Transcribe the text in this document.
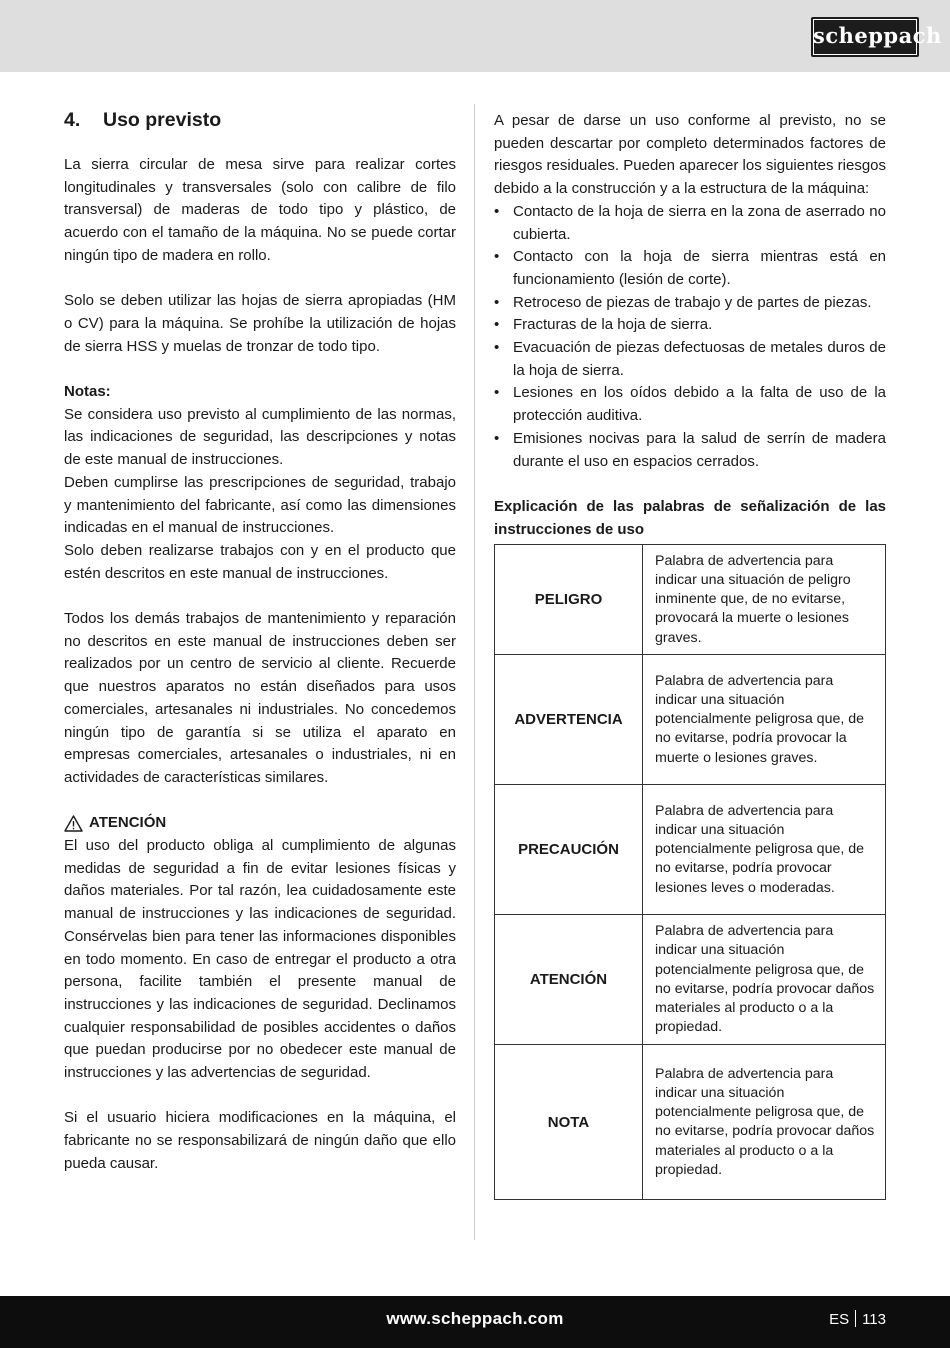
scheppach
4. Uso previsto

La sierra circular de mesa sirve para realizar cortes longitudinales y transversales (solo con calibre de filo transversal) de maderas de todo tipo y plástico, de acuerdo con el tamaño de la máquina. No se puede cortar ningún tipo de madera en rollo.

Solo se deben utilizar las hojas de sierra apropiadas (HM o CV) para la máquina. Se prohíbe la utilización de hojas de sierra HSS y muelas de tronzar de todo tipo.

Notas:

Se considera uso previsto al cumplimiento de las normas, las indicaciones de seguridad, las descripciones y notas de este manual de instrucciones.

Deben cumplirse las prescripciones de seguridad, trabajo y mantenimiento del fabricante, así como las dimensiones indicadas en el manual de instrucciones.

Solo deben realizarse trabajos con y en el producto que estén descritos en este manual de instrucciones.

Todos los demás trabajos de mantenimiento y reparación no descritos en este manual de instrucciones deben ser realizados por un centro de servicio al cliente. Recuerde que nuestros aparatos no están diseñados para usos comerciales, artesanales ni industriales. No concedemos ningún tipo de garantía si se utiliza el aparato en empresas comerciales, artesanales o industriales, ni en actividades de características similares.

ATENCIÓN

El uso del producto obliga al cumplimiento de algunas medidas de seguridad a fin de evitar lesiones físicas y daños materiales. Por tal razón, lea cuidadosamente este manual de instrucciones y las indicaciones de seguridad. Consérvelas bien para tener las informaciones disponibles en todo momento. En caso de entregar el producto a otra persona, facilite también el presente manual de instrucciones y las indicaciones de seguridad. Declinamos cualquier responsabilidad de posibles accidentes o daños que puedan producirse por no obedecer este manual de instrucciones y las advertencias de seguridad.

Si el usuario hiciera modificaciones en la máquina, el fabricante no se responsabilizará de ningún daño que ello pueda causar.

A pesar de darse un uso conforme al previsto, no se pueden descartar por completo determinados factores de riesgos residuales. Pueden aparecer los siguientes riesgos debido a la construcción y a la estructura de la máquina:

• Contacto de la hoja de sierra en la zona de aserrado no cubierta.
• Contacto con la hoja de sierra mientras está en funcionamiento (lesión de corte).
• Retroceso de piezas de trabajo y de partes de piezas.
• Fracturas de la hoja de sierra.
• Evacuación de piezas defectuosas de metales duros de la hoja de sierra.
• Lesiones en los oídos debido a la falta de uso de la protección auditiva.
• Emisiones nocivas para la salud de serrín de madera durante el uso en espacios cerrados.

Explicación de las palabras de señalización de las instrucciones de uso

PELIGRO	Palabra de advertencia para indicar una situación de peligro inminente que, de no evitarse, provocará la muerte o lesiones graves.
ADVERTENCIA	Palabra de advertencia para indicar una situación potencialmente peligrosa que, de no evitarse, podría provocar la muerte o lesiones graves.
PRECAUCIÓN	Palabra de advertencia para indicar una situación potencialmente peligrosa que, de no evitarse, podría provocar lesiones leves o moderadas.
ATENCIÓN	Palabra de advertencia para indicar una situación potencialmente peligrosa que, de no evitarse, podría provocar daños materiales al producto o a la propiedad.
NOTA	Palabra de advertencia para indicar una situación potencialmente peligrosa que, de no evitarse, podría provocar daños materiales al producto o a la propiedad.
www.scheppach.com	ES 113
